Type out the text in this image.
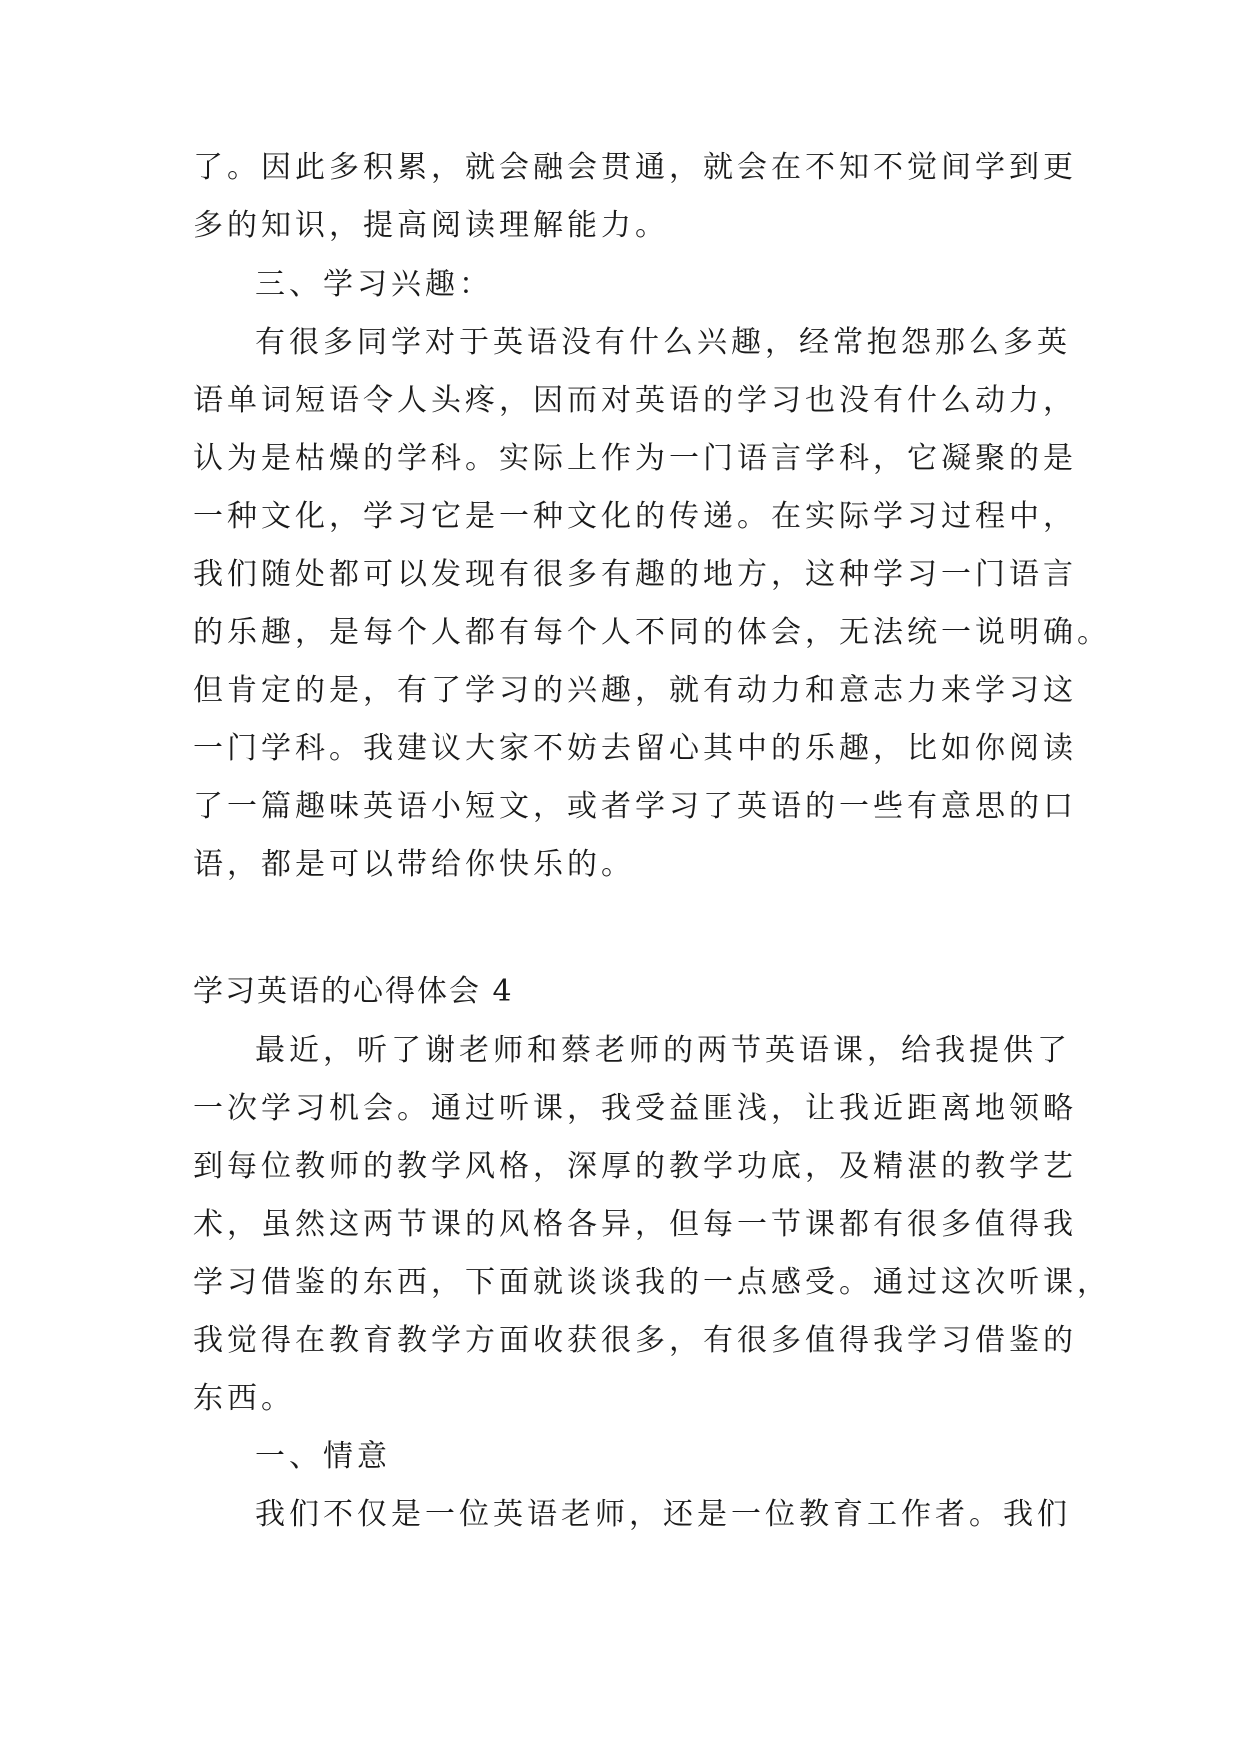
了。因此多积累，就会融会贯通，就会在不知不觉间学到更
多的知识，提高阅读理解能力。
三、学习兴趣：
有很多同学对于英语没有什么兴趣，经常抱怨那么多英
语单词短语令人头疼，因而对英语的学习也没有什么动力，
认为是枯燥的学科。实际上作为一门语言学科，它凝聚的是
一种文化，学习它是一种文化的传递。在实际学习过程中，
我们随处都可以发现有很多有趣的地方，这种学习一门语言
的乐趣，是每个人都有每个人不同的体会，无法统一说明确。
但肯定的是，有了学习的兴趣，就有动力和意志力来学习这
一门学科。我建议大家不妨去留心其中的乐趣，比如你阅读
了一篇趣味英语小短文，或者学习了英语的一些有意思的口
语，都是可以带给你快乐的。
学习英语的心得体会 4
最近，听了谢老师和蔡老师的两节英语课，给我提供了
一次学习机会。通过听课，我受益匪浅，让我近距离地领略
到每位教师的教学风格，深厚的教学功底，及精湛的教学艺
术，虽然这两节课的风格各异，但每一节课都有很多值得我
学习借鉴的东西，下面就谈谈我的一点感受。通过这次听课，
我觉得在教育教学方面收获很多，有很多值得我学习借鉴的
东西。
一、情意
我们不仅是一位英语老师，还是一位教育工作者。我们
